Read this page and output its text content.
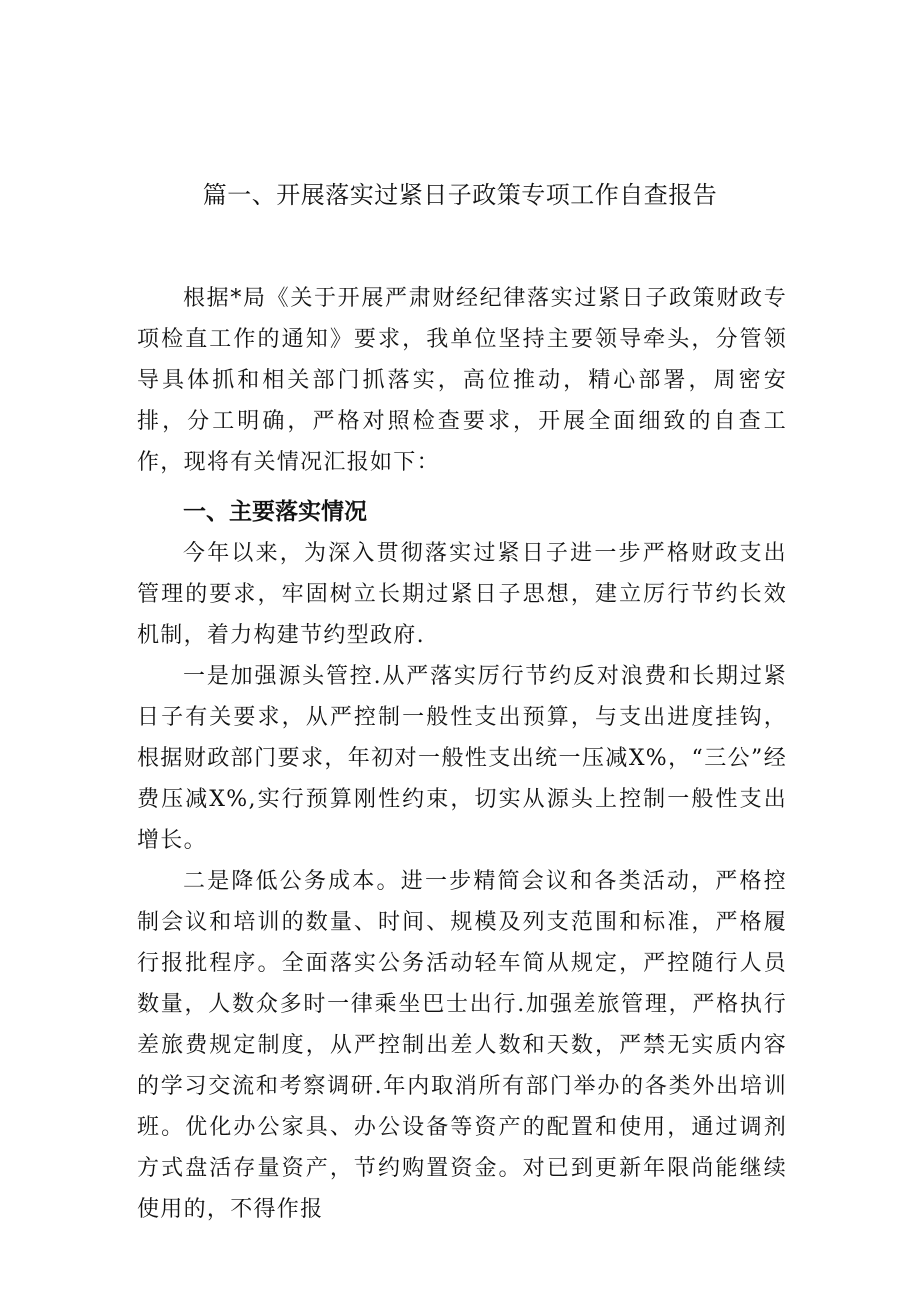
篇一、开展落实过紧日子政策专项工作自查报告

根据*局《关于开展严肃财经纪律落实过紧日子政策财政专项检直工作的通知》要求，我单位坚持主要领导牵头，分管领导具体抓和相关部门抓落实，高位推动，精心部署，周密安排，分工明确，严格对照检查要求，开展全面细致的自查工作，现将有关情况汇报如下：

一、主要落实情况

今年以来，为深入贯彻落实过紧日子进一步严格财政支出管理的要求，牢固树立长期过紧日子思想，建立厉行节约长效机制，着力构建节约型政府.

一是加强源头管控.从严落实厉行节约反对浪费和长期过紧日子有关要求，从严控制一般性支出预算，与支出进度挂钩，根据财政部门要求，年初对一般性支出统一压减X%，“三公”经费压减X%,实行预算刚性约束，切实从源头上控制一般性支出增长。

二是降低公务成本。进一步精简会议和各类活动，严格控制会议和培训的数量、时间、规模及列支范围和标准，严格履行报批程序。全面落实公务活动轻车简从规定，严控随行人员数量，人数众多时一律乘坐巴士出行.加强差旅管理，严格执行差旅费规定制度，从严控制出差人数和天数，严禁无实质内容的学习交流和考察调研.年内取消所有部门举办的各类外出培训班。优化办公家具、办公设备等资产的配置和使用，通过调剂方式盘活存量资产，节约购置资金。对已到更新年限尚能继续使用的，不得作报
